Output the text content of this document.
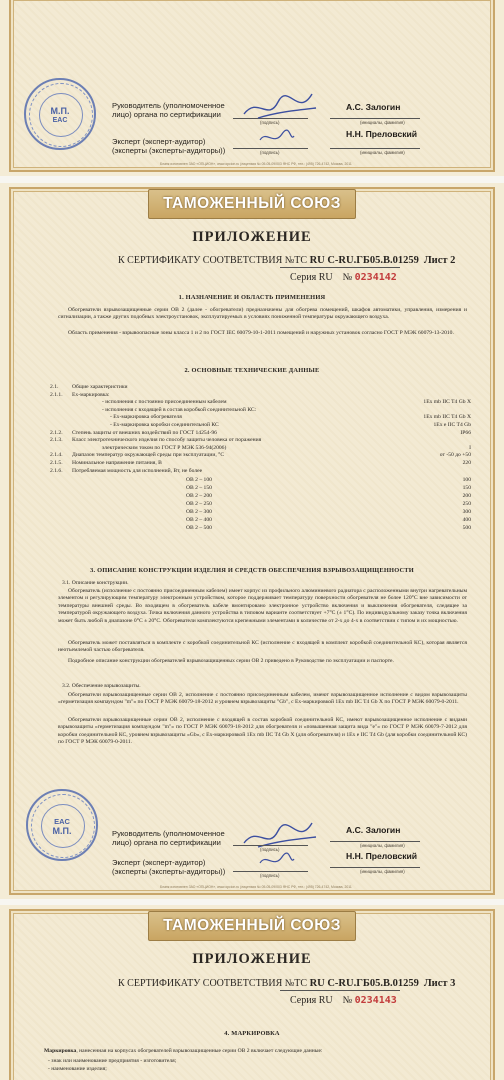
М.П.
EAC
Руководитель (уполномоченное лицо) органа по сертификации
(подпись)
А.С. Залогин
(инициалы, фамилия)
Эксперт (эксперт-аудитор)
(эксперты (эксперты-аудиторы))	(подпись)
Н.Н. Преловский
(инициалы, фамилия)
Бланк изготовлен ЗАО «ОПЦИОН», www.opcion.ru (лицензия № 05-05-09/003 ФНС РФ, тел.: (495) 726-4742, Москва, 2011
ТАМОЖЕННЫЙ СОЮЗ
ПРИЛОЖЕНИЕ
К СЕРТИФИКАТУ СООТВЕТСТВИЯ №ТС RU C-RU.ГБ05.В.01259 Лист 2
Серия RU № 0234142
1. НАЗНАЧЕНИЕ И ОБЛАСТЬ ПРИМЕНЕНИЯ
Обогреватели взрывозащищенные серии ОВ 2 (далее - обогреватели) предназначены для обогрева помещений, шкафов автоматики, управления, измерения и сигнализации, а также других подобных электроустановок, эксплуатируемых в условиях пониженной температуры окружающего воздуха.
Область применения - взрывоопасные зоны класса 1 и 2 по ГОСТ IEC 60079-10-1-2011 помещений и наружных установок согласно ГОСТ Р МЭК 60079-13-2010.
2. ОСНОВНЫЕ ТЕХНИЧЕСКИЕ ДАННЫЕ
2.1. Общие характеристики
2.1.1. Ex-маркировка:
- исполнения с постоянно присоединенным кабелем	1Ex mb IIC T4 Gb X
- исполнения с входящей в состав коробкой соединительной КС:
- Ex-маркировка обогревателя	1Ex mb IIC T4 Gb X
- Ex-маркировка коробки соединительной КС	1Ex e IIC T4 Gb
2.1.2. Степень защиты от внешних воздействий по ГОСТ 14254-96	IP66
2.1.3. Класс электротехнического изделия по способу защиты человека от поражения
электрическим током по ГОСТ Р МЭК 536-94(2006)	I
2.1.4. Диапазон температур окружающей среды при эксплуатации, °С	от -50 до +50
2.1.5. Номинальное напряжение питания, В	220
2.1.6. Потребляемая мощность для исполнений, Вт, не более
ОВ 2 – 100	100
ОВ 2 – 150	150
ОВ 2 – 200	200
ОВ 2 – 250	250
ОВ 2 – 300	300
ОВ 2 – 400	400
ОВ 2 – 500	500
3. ОПИСАНИЕ КОНСТРУКЦИИ ИЗДЕЛИЯ И СРЕДСТВ ОБЕСПЕЧЕНИЯ ВЗРЫВОЗАЩИЩЕННОСТИ
3.1. Описание конструкции.
Обогреватель (исполнение с постоянно присоединенным кабелем) имеет корпус из профильного алюминиевого радиатора с расположенными внутри нагревательным элементом и регулирующим температуру электронным устройством, которое поддерживает температуру поверхности обогревателя не более 120°С вне зависимости от температуры внешней среды. Во входящем в обогреватель кабеле вмонтировано электронное устройство включения и выключения обогревателя, следящее за температурой окружающего воздуха. Точка включения данного устройства в типовом варианте соответствует +7°С (± 1°С). По индивидуальному заказу точка включения может быть любой в диапазоне 0°С ± 20°С. Обогреватели комплектуются крепежными элементами в количестве от 2-х до 4-х в соответствии с типом и их мощностью.
Обогреватель может поставляться в комплекте с коробкой соединительной КС (исполнение с входящей в комплект коробкой соединительной КС), которая является неотъемлемой частью обогревателя.
Подробное описание конструкции обогревателей взрывозащищенных серии ОВ 2 приведено в Руководстве по эксплуатации и паспорте.
3.2. Обеспечение взрывозащиты.
Обогреватели взрывозащищенные серии ОВ 2, исполнение с постоянно присоединенным кабелем, имеют взрывозащищенное исполнение с видом взрывозащиты «герметизация компаундом "m"» по ГОСТ Р МЭК 60079-18-2012 и уровнем взрывозащиты "Gb", с Ex-маркировкой 1Ex mb IIC T4 Gb X по ГОСТ Р МЭК 60079-0-2011.
Обогреватели взрывозащищенные серии ОВ 2, исполнение с входящей в состав коробкой соединительной КС, имеют взрывозащищенное исполнение с видами взрывозащиты «герметизация компаундом "m"» по ГОСТ Р МЭК 60079-18-2012 для обогревателя и «повышенная защита вида "е"» по ГОСТ Р МЭК 60079-7-2012 для коробки соединительной КС, уровнем взрывозащиты «Gb», с Ex-маркировкой 1Ex mb IIC T4 Gb X (для обогревателя) и 1Ex e IIC T4 Gb (для коробки соединительной КС) по ГОСТ Р МЭК 60079-0-2011.
EAC
М.П.	Руководитель (уполномоченное лицо) органа по сертификации
(подпись)
А.С. Залогин
(инициалы, фамилия)
Эксперт (эксперт-аудитор)
(эксперты (эксперты-аудиторы))	(подпись)
Н.Н. Преловский
(инициалы, фамилия)
Бланк изготовлен ЗАО «ОПЦИОН», www.opcion.ru (лицензия № 05-05-09/003 ФНС РФ, тел.: (495) 726-4742, Москва, 2011
ТАМОЖЕННЫЙ СОЮЗ
ПРИЛОЖЕНИЕ
К СЕРТИФИКАТУ СООТВЕТСТВИЯ №ТС RU C-RU.ГБ05.В.01259 Лист 3
Серия RU № 0234143
4. МАРКИРОВКА
Маркировка, нанесенная на корпусах обогревателей взрывозащищенные серии ОВ 2 включает следующие данные:
- знак или наименование предприятия - изготовителя;
- наименование изделия;
